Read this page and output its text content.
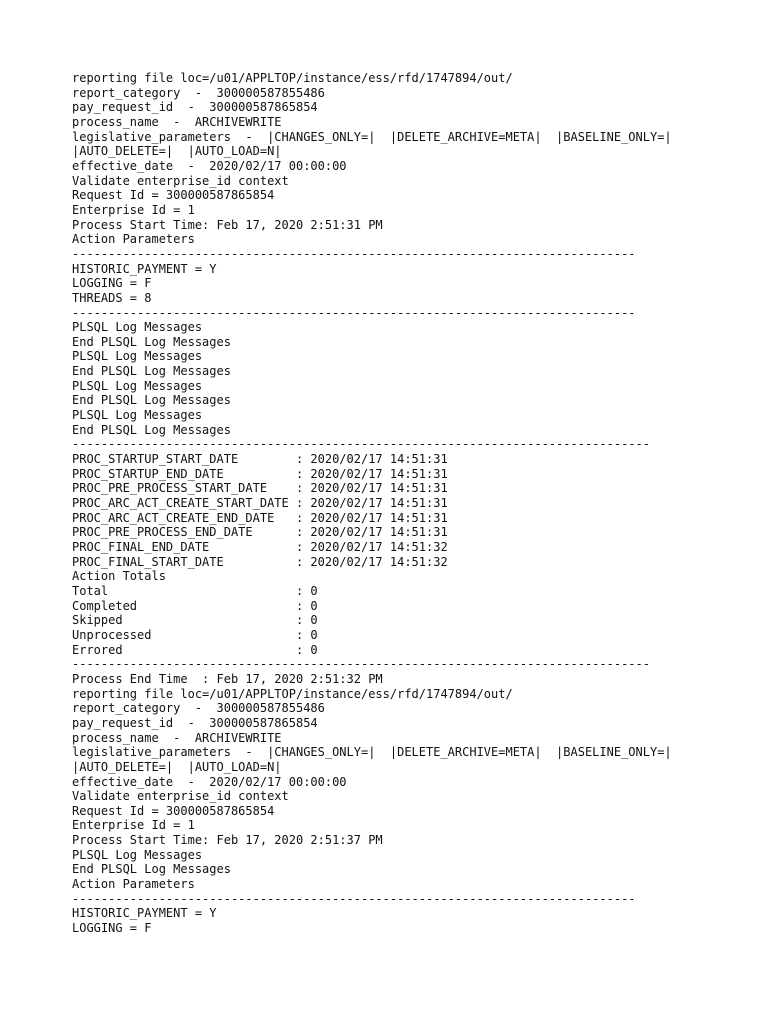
reporting file loc=/u01/APPLTOP/instance/ess/rfd/1747894/out/
report_category  -  300000587855486
pay_request_id  -  300000587865854
process_name  -  ARCHIVEWRITE
legislative_parameters  -  |CHANGES_ONLY=|  |DELETE_ARCHIVE=META|  |BASELINE_ONLY=|
|AUTO_DELETE=|  |AUTO_LOAD=N|
effective_date  -  2020/02/17 00:00:00
Validate enterprise_id context
Request Id = 300000587865854
Enterprise Id = 1
Process Start Time: Feb 17, 2020 2:51:31 PM
Action Parameters
------------------------------------------------------------------------------
HISTORIC_PAYMENT = Y
LOGGING = F
THREADS = 8
------------------------------------------------------------------------------
PLSQL Log Messages
End PLSQL Log Messages
PLSQL Log Messages
End PLSQL Log Messages
PLSQL Log Messages
End PLSQL Log Messages
PLSQL Log Messages
End PLSQL Log Messages
--------------------------------------------------------------------------------
PROC_STARTUP_START_DATE        : 2020/02/17 14:51:31
PROC_STARTUP_END_DATE          : 2020/02/17 14:51:31
PROC_PRE_PROCESS_START_DATE    : 2020/02/17 14:51:31
PROC_ARC_ACT_CREATE_START_DATE : 2020/02/17 14:51:31
PROC_ARC_ACT_CREATE_END_DATE   : 2020/02/17 14:51:31
PROC_PRE_PROCESS_END_DATE      : 2020/02/17 14:51:31
PROC_FINAL_END_DATE            : 2020/02/17 14:51:32
PROC_FINAL_START_DATE          : 2020/02/17 14:51:32
Action Totals
Total                          : 0
Completed                      : 0
Skipped                        : 0
Unprocessed                    : 0
Errored                        : 0
--------------------------------------------------------------------------------
Process End Time  : Feb 17, 2020 2:51:32 PM
reporting file loc=/u01/APPLTOP/instance/ess/rfd/1747894/out/
report_category  -  300000587855486
pay_request_id  -  300000587865854
process_name  -  ARCHIVEWRITE
legislative_parameters  -  |CHANGES_ONLY=|  |DELETE_ARCHIVE=META|  |BASELINE_ONLY=|
|AUTO_DELETE=|  |AUTO_LOAD=N|
effective_date  -  2020/02/17 00:00:00
Validate enterprise_id context
Request Id = 300000587865854
Enterprise Id = 1
Process Start Time: Feb 17, 2020 2:51:37 PM
PLSQL Log Messages
End PLSQL Log Messages
Action Parameters
------------------------------------------------------------------------------
HISTORIC_PAYMENT = Y
LOGGING = F
